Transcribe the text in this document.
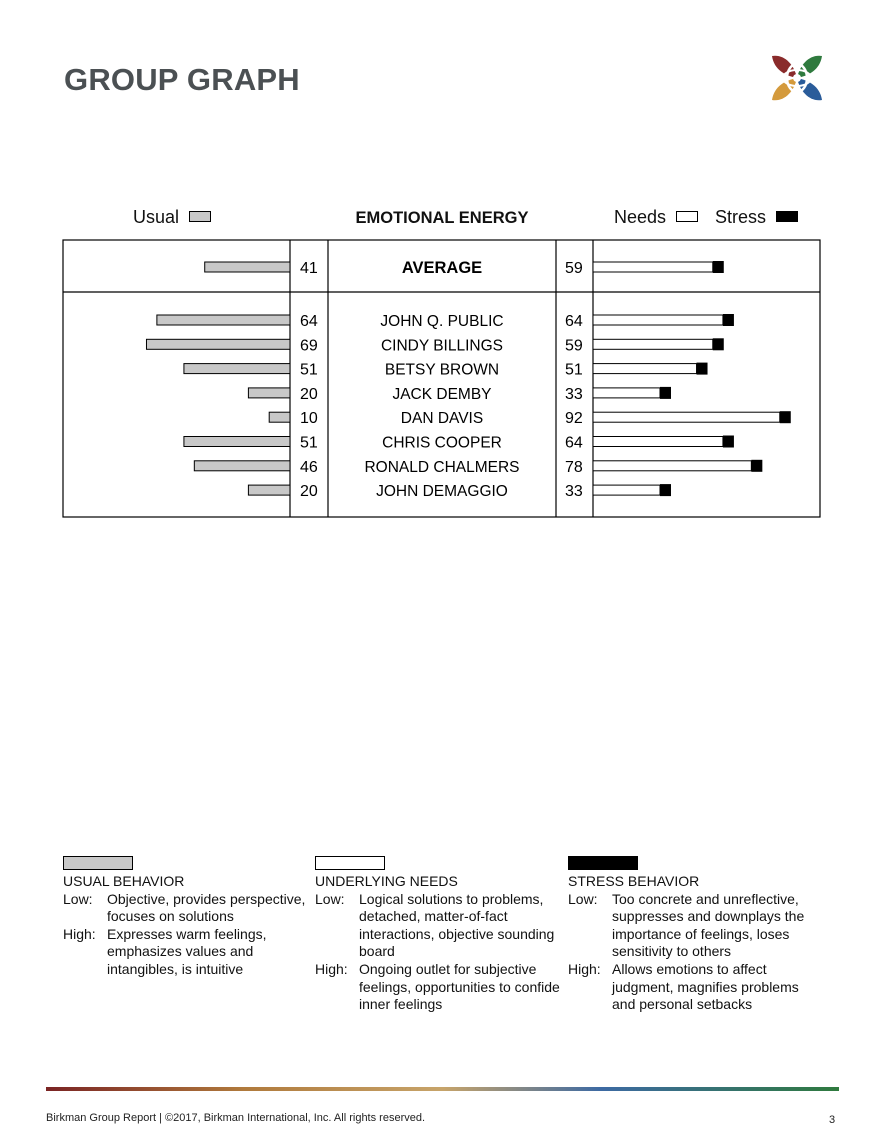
GROUP GRAPH
Usual	EMOTIONAL ENERGY	Needs	Stress
41	AVERAGE	59
64	JOHN Q. PUBLIC	64
69	CINDY BILLINGS	59
51	BETSY BROWN	51
20	JACK DEMBY	33
10	DAN DAVIS	92
51	CHRIS COOPER	64
46	RONALD CHALMERS	78
20	JOHN DEMAGGIO	33
USUAL BEHAVIOR
Low:	Objective, provides perspective, focuses on solutions
High: Expresses warm feelings, emphasizes values and intangibles, is intuitive
UNDERLYING NEEDS
Low:	Logical solutions to problems, detached, matter-of-fact interactions, objective sounding board
High: Ongoing outlet for subjective feelings, opportunities to confide inner feelings
STRESS BEHAVIOR
Low:	Too concrete and unreflective, suppresses and downplays the importance of feelings, loses sensitivity to others
High: Allows emotions to affect judgment, magnifies problems and personal setbacks
Birkman Group Report | ©2017, Birkman International, Inc. All rights reserved.	3
